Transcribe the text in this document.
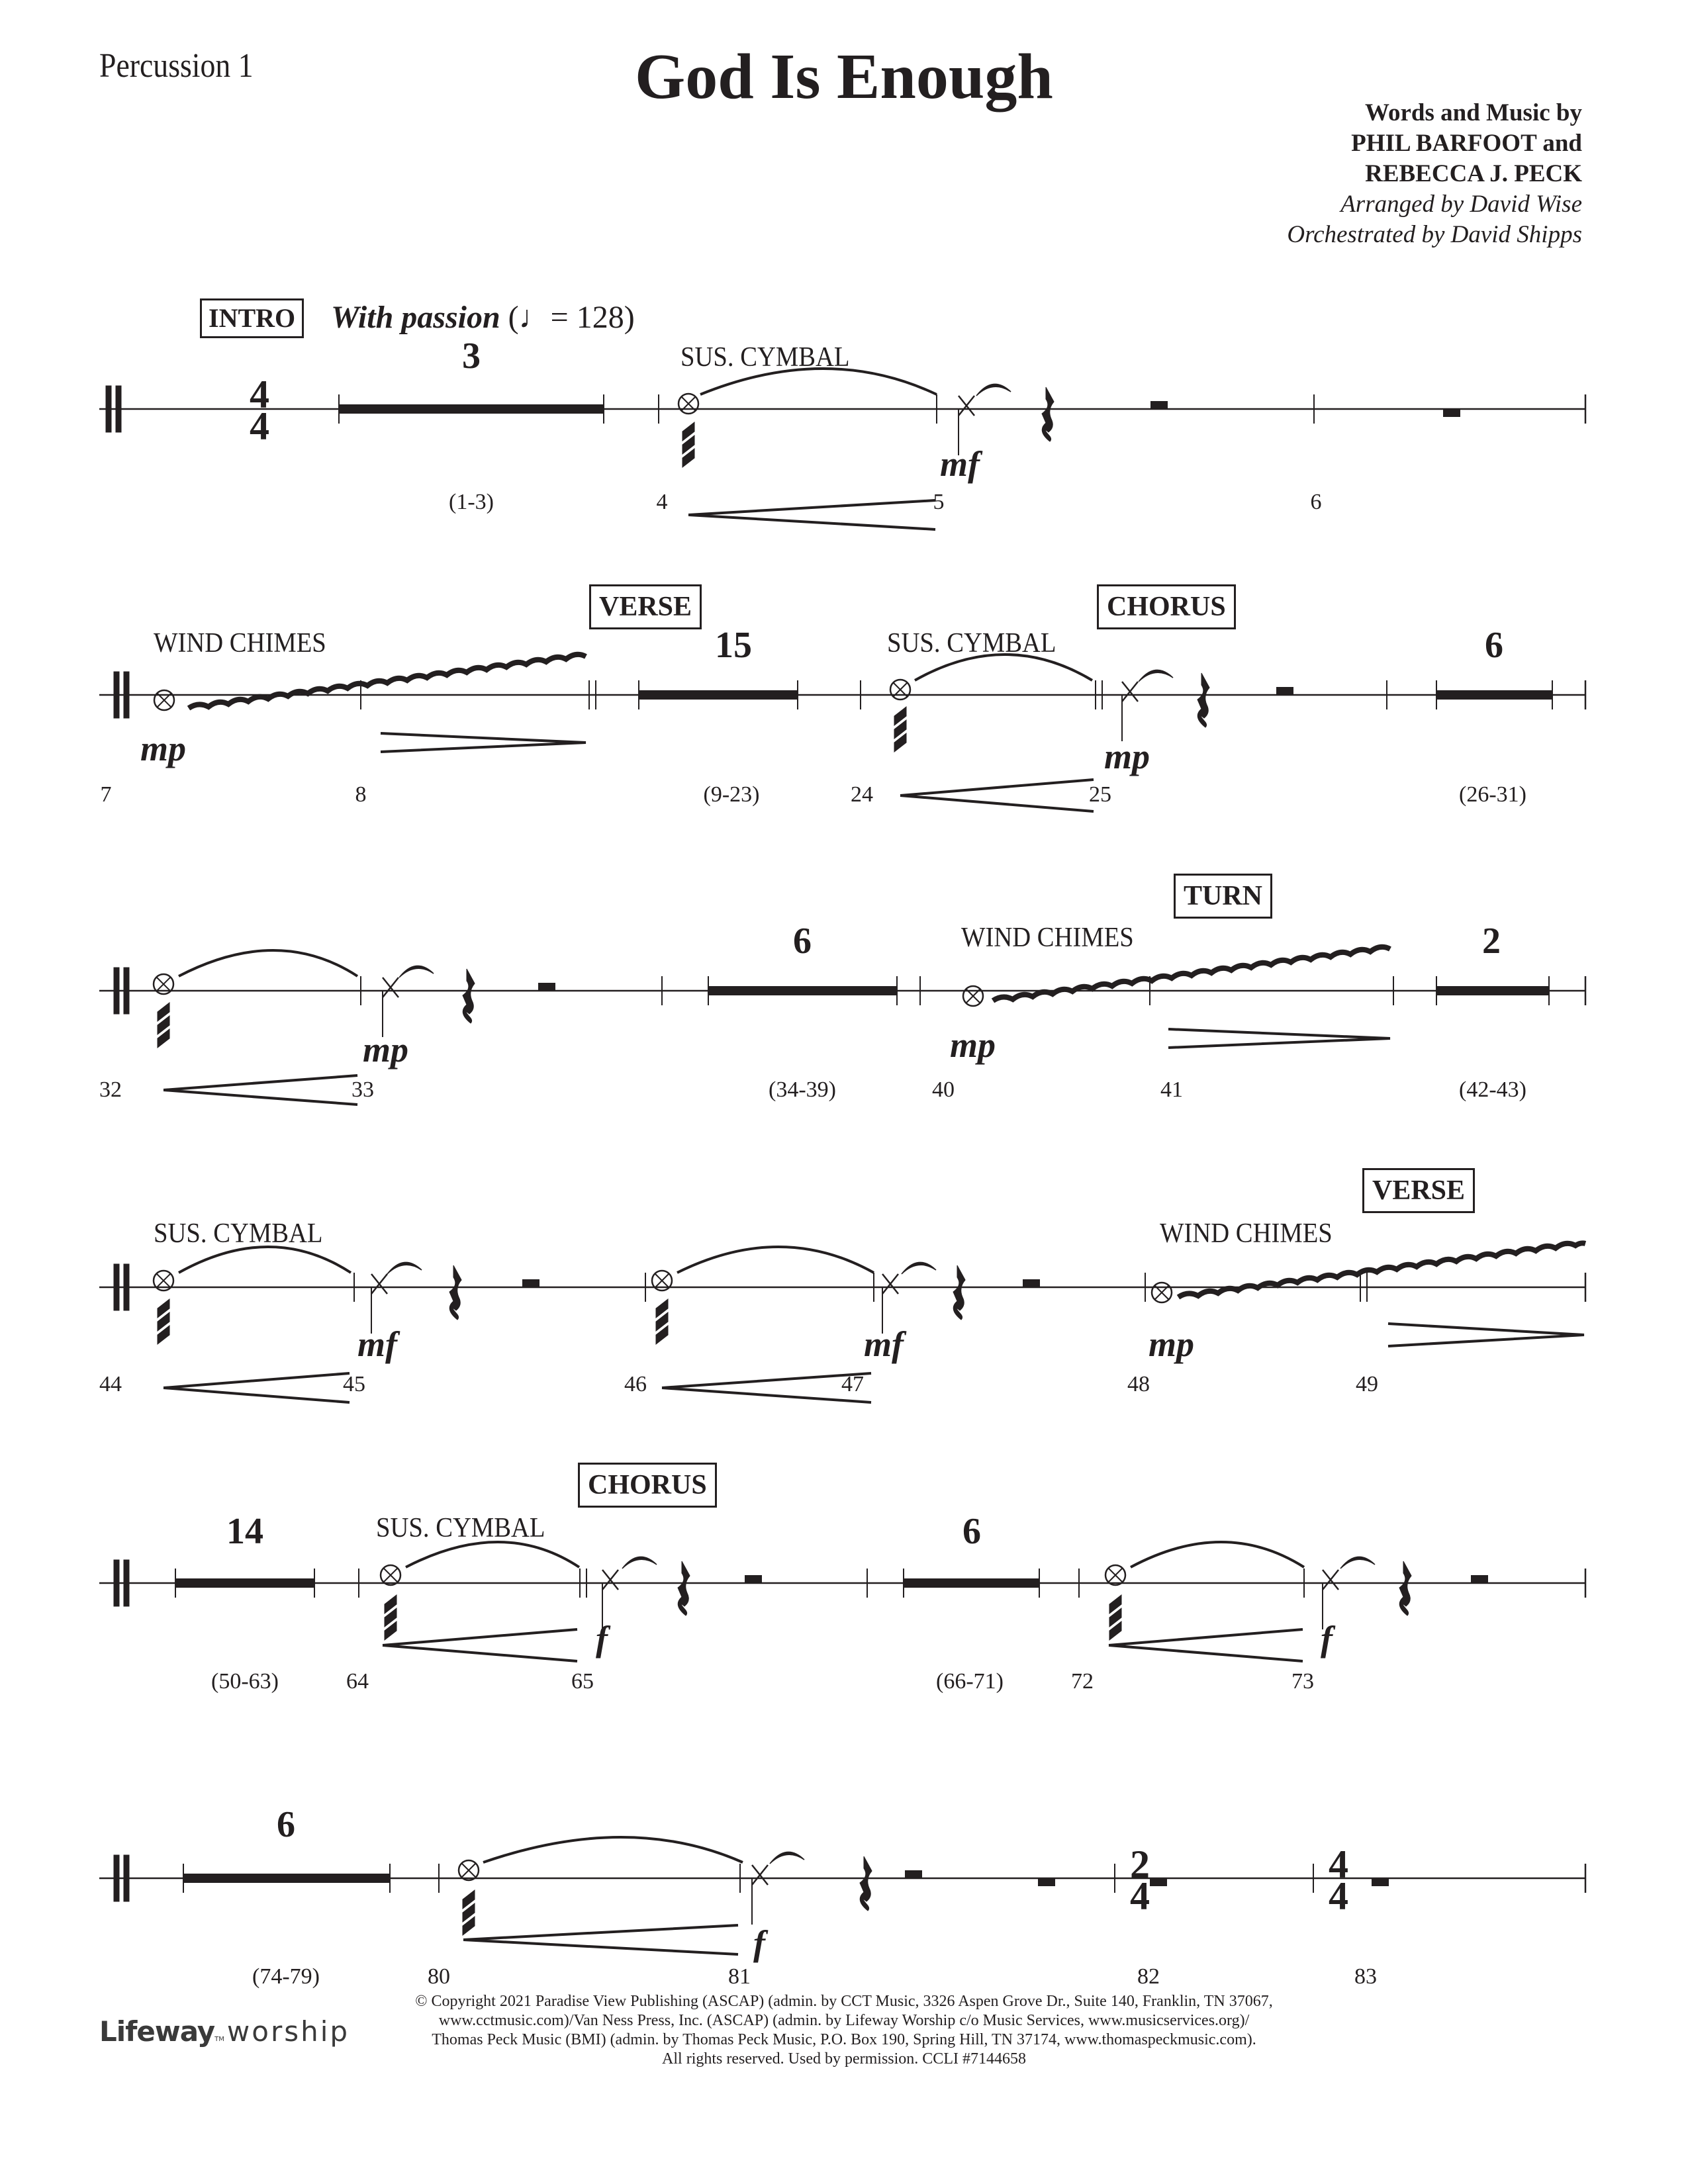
Percussion 1	God Is Enough
Words and Music by
PHIL BARFOOT and
REBECCA J. PECK
Arranged by David Wise
Orchestrated by David Shipps
INTRO With passion (♩= 128)
4
4
3	SUS. CYMBAL
mf
(1-3)	4	5	6
VERSE	CHORUS
WIND CHIMES	SUS. CYMBAL
15	6
mp	mp
7	8	(9-23)	24	25	(26-31)
TURN
WIND CHIMES
6	2
mp	mp
32	33	(34-39)	40	41	(42-43)
VERSE
SUS. CYMBAL	WIND CHIMES
mf	mf	mp
44	45	46	47	48	49
CHORUS
14	SUS. CYMBAL	6
f	f
(50-63)	64	65	(66-71)	72	73
6
f
2
4
4
4
(74-79)	80	81	82	83
© Copyright 2021 Paradise View Publishing (ASCAP) (admin. by CCT Music, 3326 Aspen Grove Dr., Suite 140, Franklin, TN 37067,
www.cctmusic.com)/Van Ness Press, Inc. (ASCAP) (admin. by Lifeway Worship c/o Music Services, www.musicservices.org)/
Thomas Peck Music (BMI) (admin. by Thomas Peck Music, P.O. Box 190, Spring Hill, TN 37174, www.thomaspeckmusic.com).
All rights reserved. Used by permission. CCLI #7144658
LifewayTMworship
